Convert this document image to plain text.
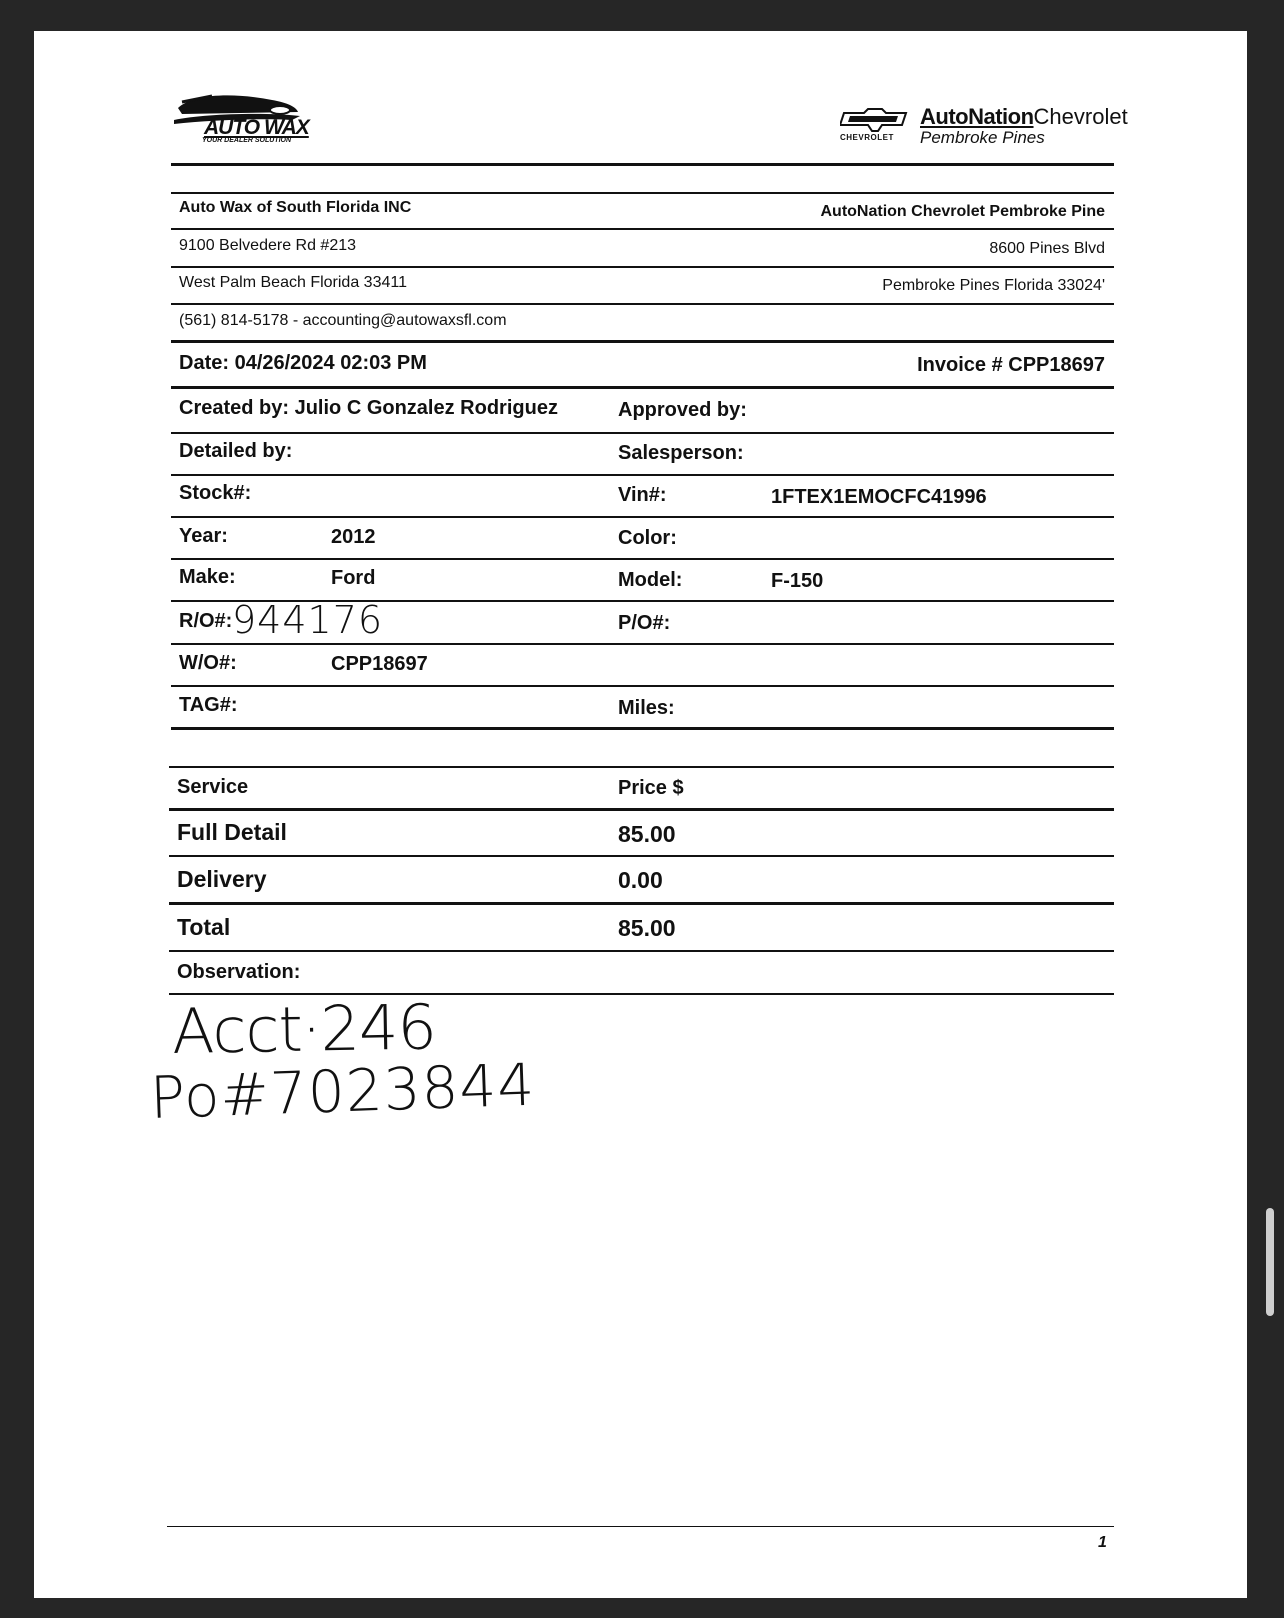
AUTO WAX
YOUR DEALER SOLUTION	CHEVROLET
AutoNationChevrolet
Pembroke Pines
Auto Wax of South Florida INC	AutoNation Chevrolet Pembroke Pine
9100 Belvedere Rd #213	8600 Pines Blvd
West Palm Beach Florida 33411	Pembroke Pines Florida 33024'
(561) 814-5178 - accounting@autowaxsfl.com
Date: 04/26/2024 02:03 PM	Invoice # CPP18697
Created by: Julio C Gonzalez Rodriguez	Approved by:
Detailed by:	Salesperson:
Stock#:	Vin#:	1FTEX1EMOCFC41996
Year:	2012	Color:
Make:	Ford	Model:	F-150
R/O#: 944176	P/O#:
W/O#:	CPP18697
TAG#:	Miles:
Service	Price $
Full Detail	85.00
Delivery	0.00
Total	85.00
Observation:
Acct·246
Po#7023844
1
